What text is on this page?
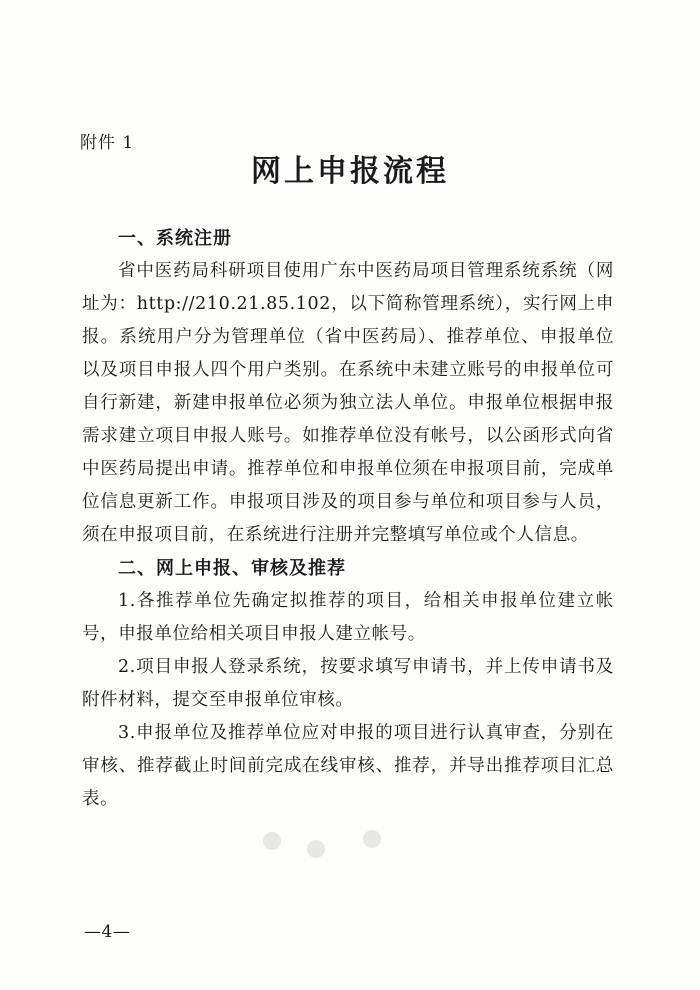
附件 1
网上申报流程
一、系统注册

省中医药局科研项目使用广东中医药局项目管理系统系统（网址为：http://210.21.85.102，以下简称管理系统），实行网上申报。系统用户分为管理单位（省中医药局）、推荐单位、申报单位以及项目申报人四个用户类别。在系统中未建立账号的申报单位可自行新建，新建申报单位必须为独立法人单位。申报单位根据申报需求建立项目申报人账号。如推荐单位没有帐号，以公函形式向省中医药局提出申请。推荐单位和申报单位须在申报项目前，完成单位信息更新工作。申报项目涉及的项目参与单位和项目参与人员，须在申报项目前，在系统进行注册并完整填写单位或个人信息。

二、网上申报、审核及推荐

1.各推荐单位先确定拟推荐的项目，给相关申报单位建立帐号，申报单位给相关项目申报人建立帐号。

2.项目申报人登录系统，按要求填写申请书，并上传申请书及附件材料，提交至申报单位审核。

3.申报单位及推荐单位应对申报的项目进行认真审查，分别在审核、推荐截止时间前完成在线审核、推荐，并导出推荐项目汇总表。

—4—
